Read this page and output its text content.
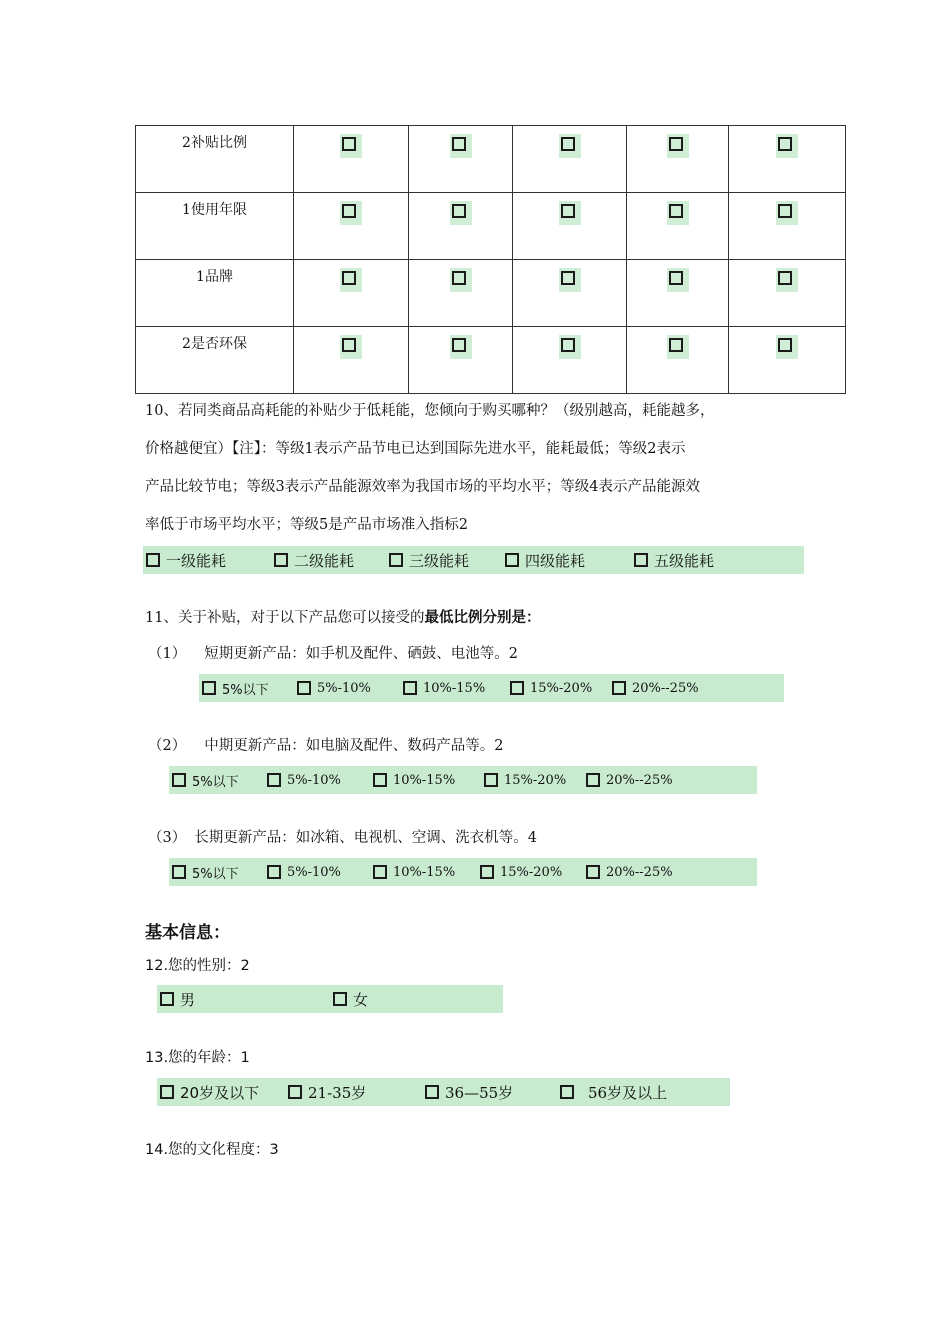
2补贴比例	

1使用年限	

1品牌	

2是否环保	

10、若同类商品高耗能的补贴少于低耗能，您倾向于购买哪种？（级别越高，耗能越多，
价格越便宜）【注】：等级1表示产品节电已达到国际先进水平，能耗最低；等级2表示
产品比较节电；等级3表示产品能源效率为我国市场的平均水平；等级4表示产品能源效
率低于市场平均水平；等级5是产品市场准入指标2
一级能耗	二级能耗	三级能耗	四级能耗	五级能耗
11、关于补贴，对于以下产品您可以接受的最低比例分别是：
（1） 短期更新产品：如手机及配件、硒鼓、电池等。2
5%以下	5%-10%	10%-15%	15%-20%	20%--25%
（2） 中期更新产品：如电脑及配件、数码产品等。2
5%以下	5%-10%	10%-15%	15%-20%	20%--25%
（3） 长期更新产品：如冰箱、电视机、空调、洗衣机等。4
5%以下	5%-10%	10%-15%	15%-20%	20%--25%
基本信息：
12.您的性别：2
男	女
13.您的年龄：1
20岁及以下	21-35岁	36—55岁	56岁及以上
14.您的文化程度：3
